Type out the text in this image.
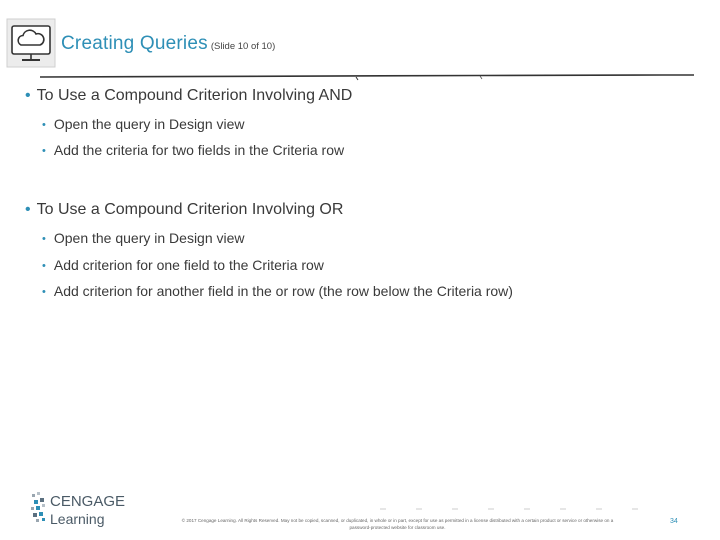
Creating Queries (Slide 10 of 10)
• To Use a Compound Criterion Involving AND
• Open the query in Design view
• Add the criteria for two fields in the Criteria row
• To Use a Compound Criterion Involving OR
• Open the query in Design view
• Add criterion for one field to the Criteria row
• Add criterion for another field in the or row (the row below the Criteria row)
CENGAGE
Learning	© 2017 Cengage Learning. All Rights Reserved. May not be copied, scanned, or duplicated, in whole or in part, except for use as permitted in a license distributed with a certain product or service or otherwise on a
password-protected website for classroom use.
34
